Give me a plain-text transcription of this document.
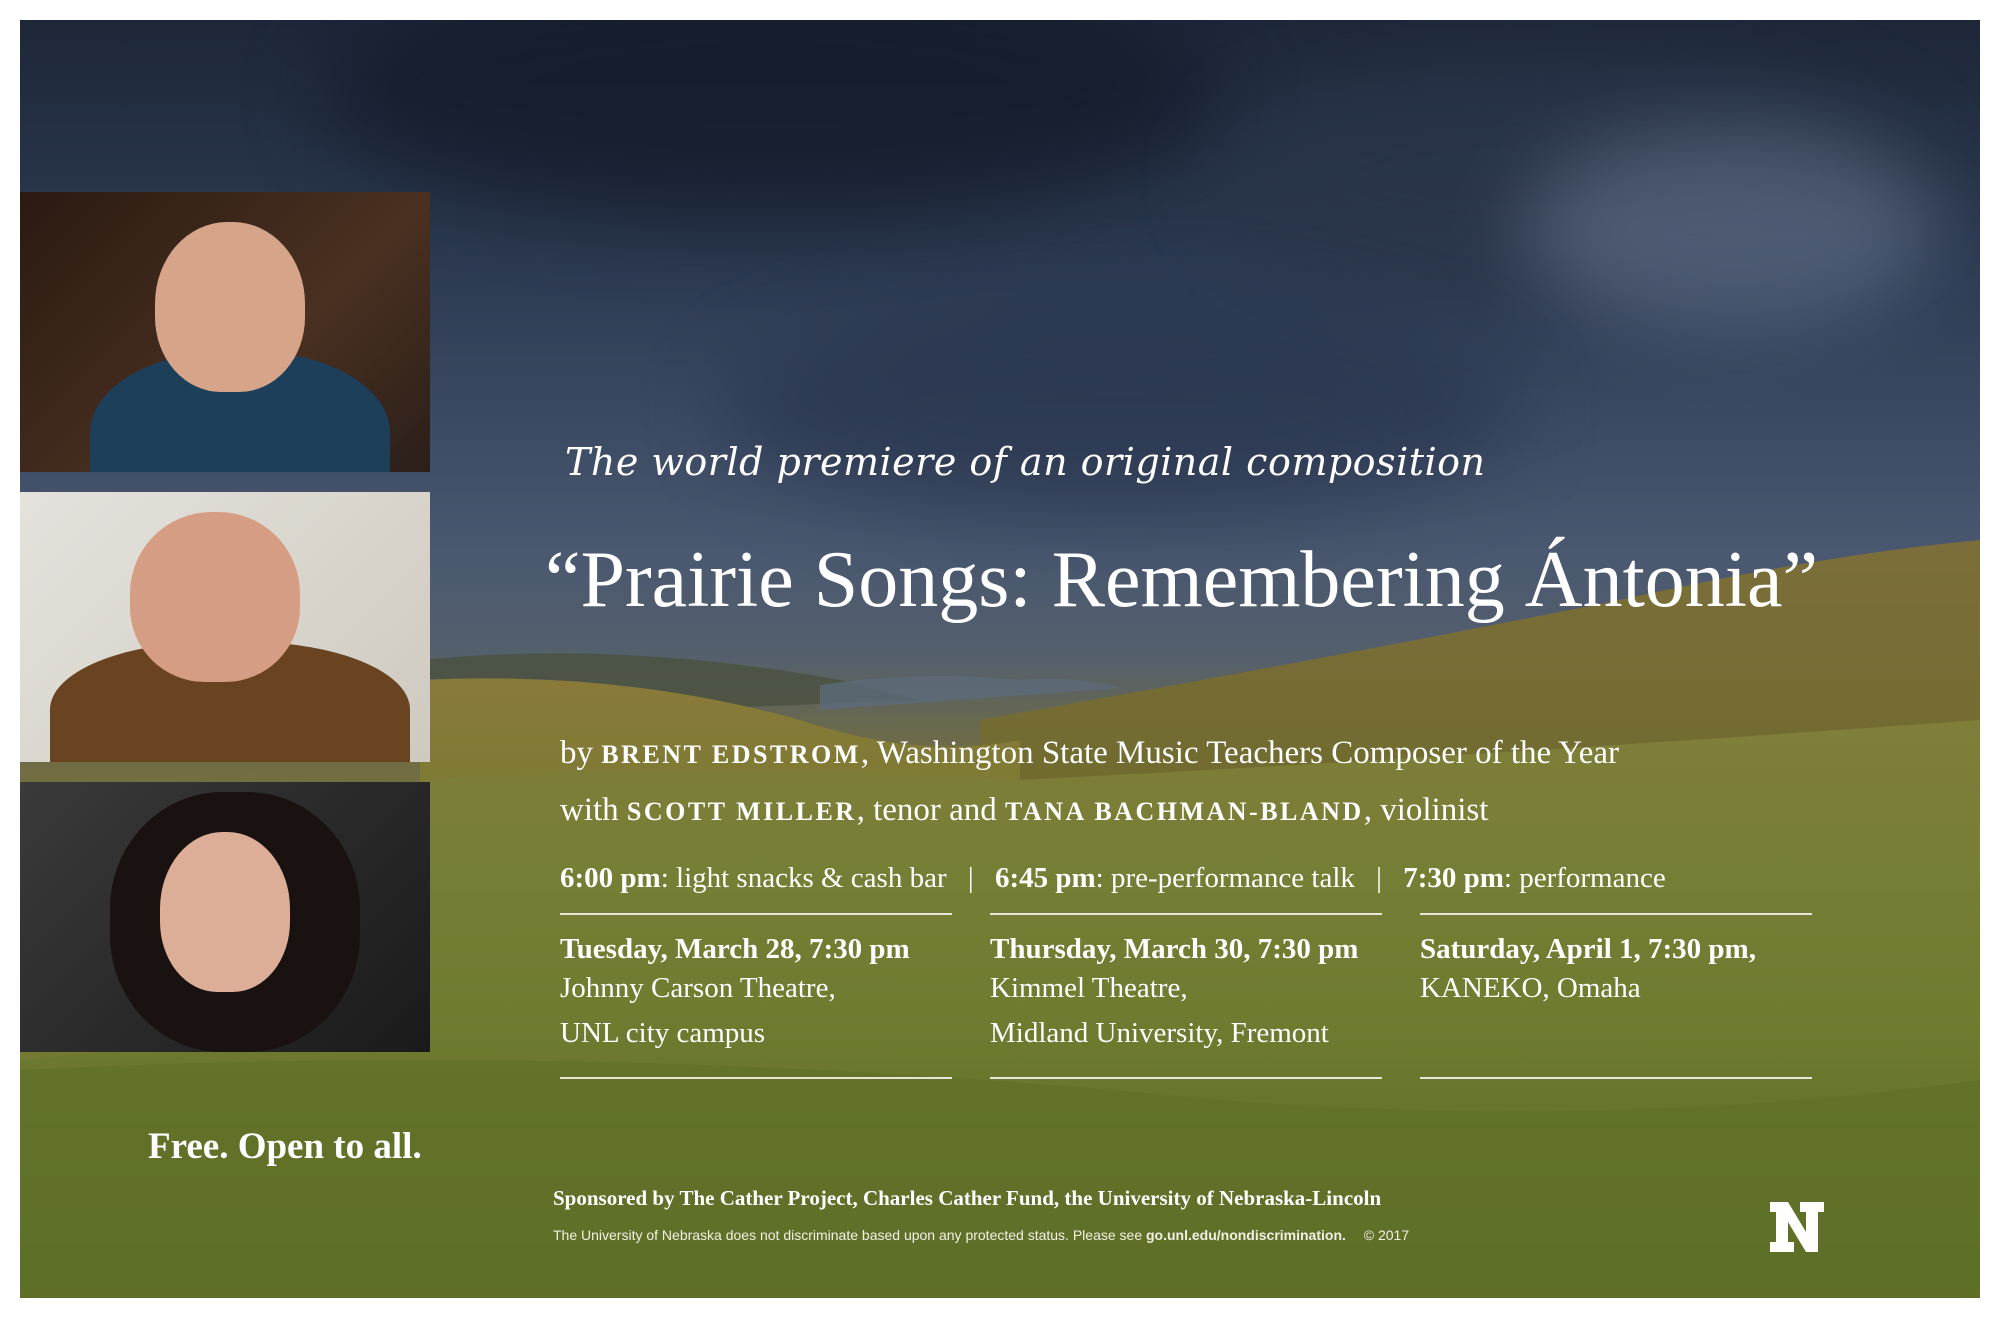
The world premiere of an original composition
“Prairie Songs: Remembering Ántonia”
by BRENT EDSTROM, Washington State Music Teachers Composer of the Year
with SCOTT MILLER, tenor and TANA BACHMAN-BLAND, violinist
6:00 pm: light snacks & cash bar | 6:45 pm: pre-performance talk | 7:30 pm: performance
Tuesday, March 28, 7:30 pm
Johnny Carson Theatre,
UNL city campus
Thursday, March 30, 7:30 pm
Kimmel Theatre,
Midland University, Fremont
Saturday, April 1, 7:30 pm,
KANEKO, Omaha
Free. Open to all.
Sponsored by The Cather Project, Charles Cather Fund, the University of Nebraska-Lincoln
The University of Nebraska does not discriminate based upon any protected status. Please see go.unl.edu/nondiscrimination. © 2017
